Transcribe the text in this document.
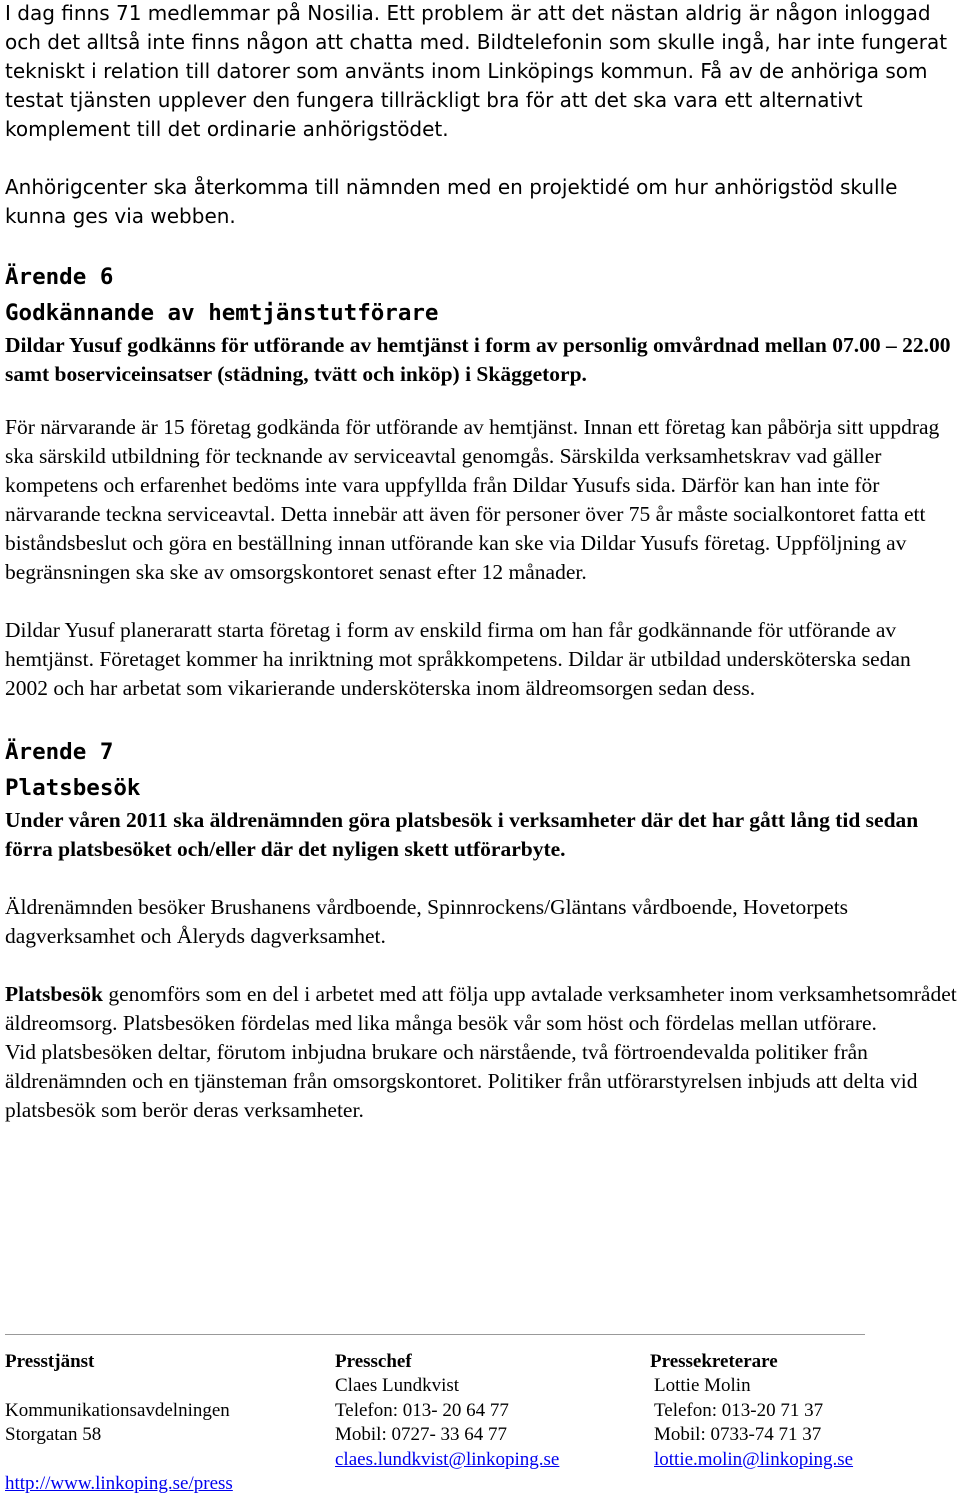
I dag finns 71 medlemmar på Nosilia. Ett problem är att det nästan aldrig är någon inloggad och det alltså inte finns någon att chatta med. Bildtelefonin som skulle ingå, har inte fungerat tekniskt i relation till datorer som använts inom Linköpings kommun. Få av de anhöriga som testat tjänsten upplever den fungera tillräckligt bra för att det ska vara ett alternativt komplement till det ordinarie anhörigstödet.

Anhörigcenter ska återkomma till nämnden med en projektidé om hur anhörigstöd skulle kunna ges via webben.

Ärende 6
Godkännande av hemtjänstutförare

Dildar Yusuf godkänns för utförande av hemtjänst i form av personlig omvårdnad mellan 07.00 – 22.00 samt boserviceinsatser (städning, tvätt och inköp) i Skäggetorp.

För närvarande är 15 företag godkända för utförande av hemtjänst. Innan ett företag kan påbörja sitt uppdrag ska särskild utbildning för tecknande av serviceavtal genomgås. Särskilda verksamhetskrav vad gäller kompetens och erfarenhet bedöms inte vara uppfyllda från Dildar Yusufs sida. Därför kan han inte för närvarande teckna serviceavtal. Detta innebär att även för personer över 75 år måste socialkontoret fatta ett biståndsbeslut och göra en beställning innan utförande kan ske via Dildar Yusufs företag. Uppföljning av begränsningen ska ske av omsorgskontoret senast efter 12 månader.

Dildar Yusuf planeraratt starta företag i form av enskild firma om han får godkännande för utförande av hemtjänst. Företaget kommer ha inriktning mot språkkompetens. Dildar är utbildad undersköterska sedan 2002 och har arbetat som vikarierande undersköterska inom äldreomsorgen sedan dess.

Ärende 7
Platsbesök

Under våren 2011 ska äldrenämnden göra platsbesök i verksamheter där det har gått lång tid sedan förra platsbesöket och/eller där det nyligen skett utförarbyte.

Äldrenämnden besöker Brushanens vårdboende, Spinnrockens/Gläntans vårdboende, Hovetorpets dagverksamhet och Åleryds dagverksamhet.

Platsbesök genomförs som en del i arbetet med att följa upp avtalade verksamheter inom verksamhetsområdet äldreomsorg. Platsbesöken fördelas med lika många besök vår som höst och fördelas mellan utförare.

Vid platsbesöken deltar, förutom inbjudna brukare och närstående, två förtroendevalda politiker från äldrenämnden och en tjänsteman från omsorgskontoret. Politiker från utförarstyrelsen inbjuds att delta vid platsbesök som berör deras verksamheter.

Presstjänst
Kommunikationsavdelningen
Storgatan 58
http://www.linkoping.se/press
Presschef
Claes Lundkvist
Telefon: 013- 20 64 77
Mobil: 0727- 33 64 77
claes.lundkvist@linkoping.se
Pressekreterare
Lottie Molin
Telefon: 013-20 71 37
Mobil: 0733-74 71 37
lottie.molin@linkoping.se
